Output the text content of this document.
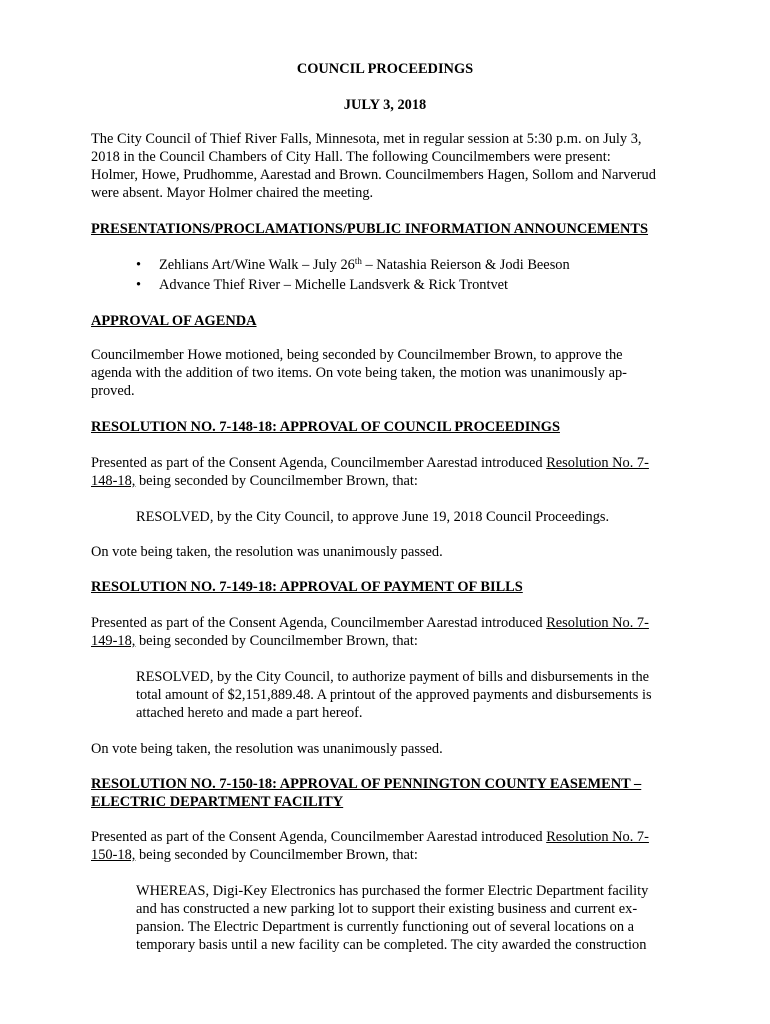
COUNCIL PROCEEDINGS
JULY 3, 2018
The City Council of Thief River Falls, Minnesota, met in regular session at 5:30 p.m. on July 3,
2018 in the Council Chambers of City Hall. The following Councilmembers were present:
Holmer, Howe, Prudhomme, Aarestad and Brown. Councilmembers Hagen, Sollom and Narverud
were absent. Mayor Holmer chaired the meeting.
PRESENTATIONS/PROCLAMATIONS/PUBLIC INFORMATION ANNOUNCEMENTS
• Zehlians Art/Wine Walk – July 26th – Natashia Reierson & Jodi Beeson
• Advance Thief River – Michelle Landsverk & Rick Trontvet
APPROVAL OF AGENDA
Councilmember Howe motioned, being seconded by Councilmember Brown, to approve the
agenda with the addition of two items. On vote being taken, the motion was unanimously ap-
proved.
RESOLUTION NO. 7-148-18: APPROVAL OF COUNCIL PROCEEDINGS
Presented as part of the Consent Agenda, Councilmember Aarestad introduced Resolution No. 7-
148-18, being seconded by Councilmember Brown, that:
RESOLVED, by the City Council, to approve June 19, 2018 Council Proceedings.
On vote being taken, the resolution was unanimously passed.
RESOLUTION NO. 7-149-18: APPROVAL OF PAYMENT OF BILLS
Presented as part of the Consent Agenda, Councilmember Aarestad introduced Resolution No. 7-
149-18, being seconded by Councilmember Brown, that:
RESOLVED, by the City Council, to authorize payment of bills and disbursements in the
total amount of $2,151,889.48. A printout of the approved payments and disbursements is
attached hereto and made a part hereof.
On vote being taken, the resolution was unanimously passed.
RESOLUTION NO. 7-150-18: APPROVAL OF PENNINGTON COUNTY EASEMENT –
ELECTRIC DEPARTMENT FACILITY
Presented as part of the Consent Agenda, Councilmember Aarestad introduced Resolution No. 7-
150-18, being seconded by Councilmember Brown, that:
WHEREAS, Digi-Key Electronics has purchased the former Electric Department facility
and has constructed a new parking lot to support their existing business and current ex-
pansion. The Electric Department is currently functioning out of several locations on a
temporary basis until a new facility can be completed. The city awarded the construction
